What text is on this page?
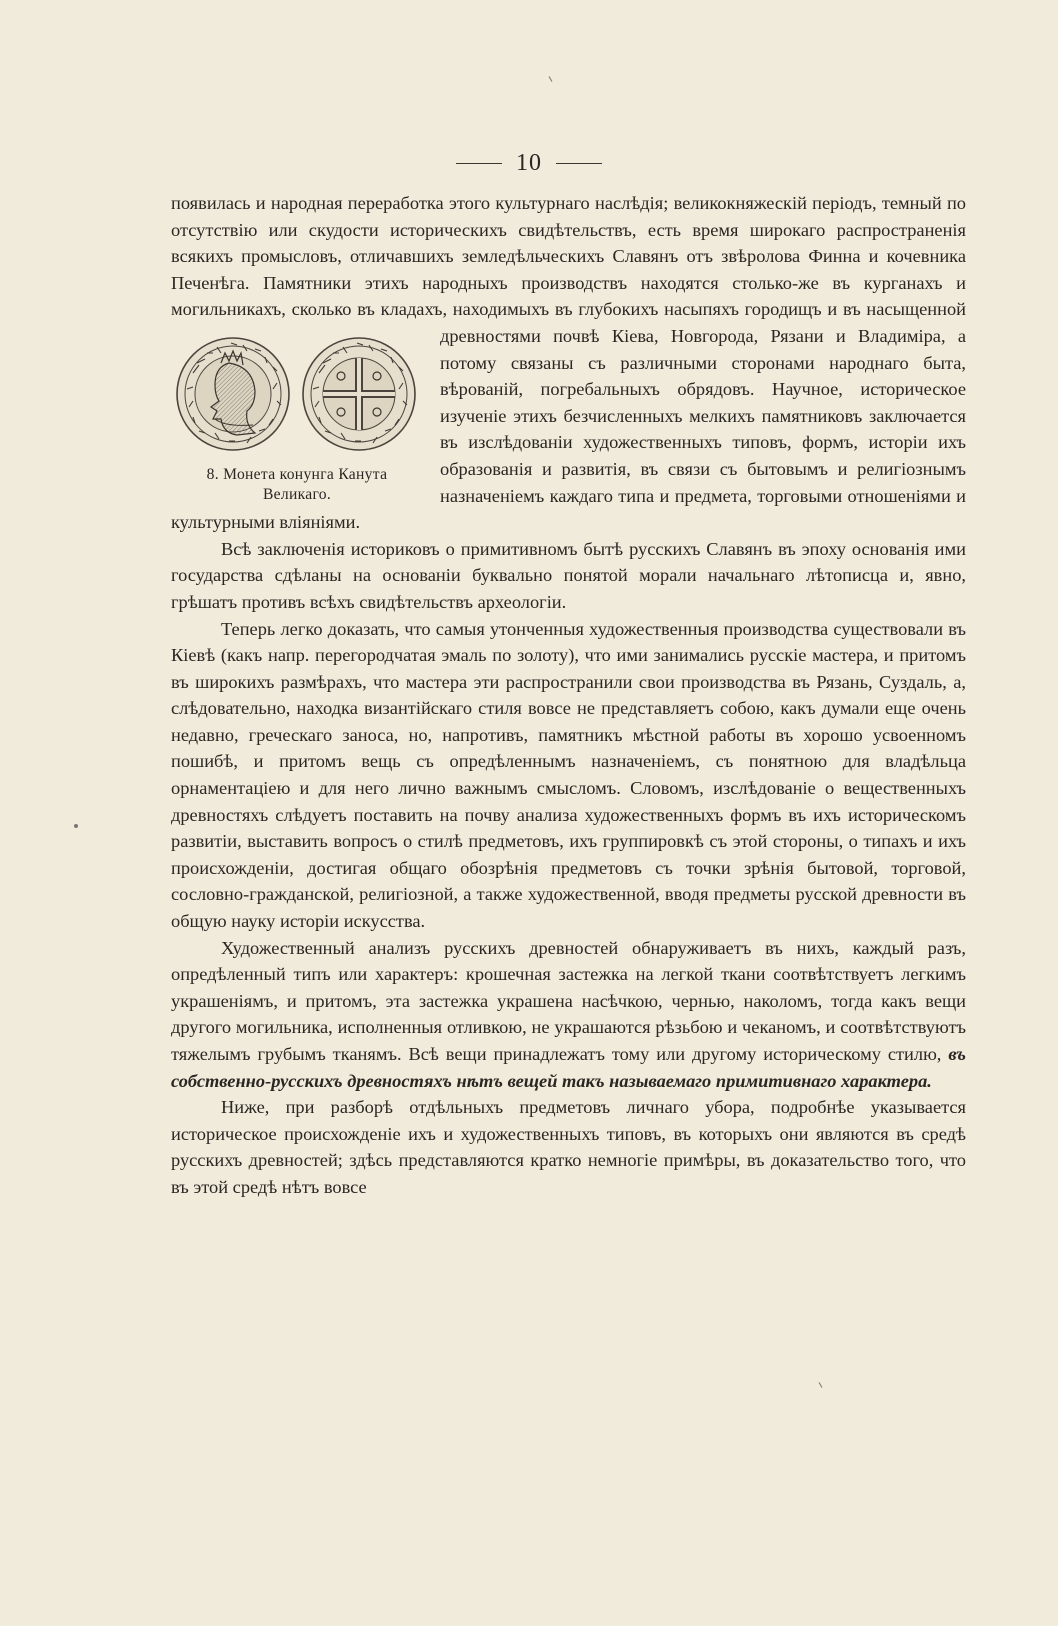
10

появилась и народная переработка этого культурнаго наслѣдія; великокняжескій періодъ, темный по отсутствію или скудости историческихъ свидѣтельствъ, есть время широкаго распространенія всякихъ промысловъ, отличавшихъ земледѣльческихъ Славянъ отъ звѣролова Финна и кочевника Печенѣга. Памятники этихъ народныхъ производствъ находятся столько-же въ курганахъ и могильникахъ, сколько въ кладахъ, находимыхъ въ глубокихъ насыпяхъ городищъ и въ насыщенной древностями почвѣ Кіева, Новгорода, Рязани и Владиміра, а
8. Монета конунга Канута
Великаго.
потому связаны съ различными сторонами народнаго быта, вѣрованій, погребальныхъ обрядовъ. Научное, историческое изученіе этихъ безчисленныхъ мелкихъ памятниковъ заключается въ изслѣдованіи художественныхъ типовъ, формъ, исторіи ихъ образованія и развитія, въ связи съ бытовымъ и религіознымъ назначеніемъ каждаго типа и предмета, торговыми отношеніями и культурными вліяніями.

Всѣ заключенія историковъ о примитивномъ бытѣ русскихъ Славянъ въ эпоху основанія ими государства сдѣланы на основаніи буквально понятой морали начальнаго лѣтописца и, явно, грѣшатъ противъ всѣхъ свидѣтельствъ археологіи.

Теперь легко доказать, что самыя утонченныя художественныя производства существовали въ Кіевѣ (какъ напр. перегородчатая эмаль по золоту), что ими занимались русскіе мастера, и притомъ въ широкихъ размѣрахъ, что мастера эти распространили свои производства въ Рязань, Суздаль, а, слѣдовательно, находка византійскаго стиля вовсе не представляетъ собою, какъ думали еще очень недавно, греческаго заноса, но, напротивъ, памятникъ мѣстной работы въ хорошо усвоенномъ пошибѣ, и притомъ вещь съ опредѣленнымъ назначеніемъ, съ понятною для владѣльца орнаментаціею и для него лично важнымъ смысломъ. Словомъ, изслѣдованіе о вещественныхъ древностяхъ слѣдуетъ поставить на почву анализа художественныхъ формъ въ ихъ историческомъ развитіи, выставить вопросъ о стилѣ предметовъ, ихъ группировкѣ съ этой стороны, о типахъ и ихъ происхожденіи, достигая общаго обозрѣнія предметовъ съ точки зрѣнія бытовой, торговой, сословно-гражданской, религіозной, а также художественной, вводя предметы русской древности въ общую науку исторіи искусства.

Художественный анализъ русскихъ древностей обнаруживаетъ въ нихъ, каждый разъ, опредѣленный типъ или характеръ: крошечная застежка на легкой ткани соотвѣтствуетъ легкимъ украшеніямъ, и притомъ, эта застежка украшена насѣчкою, чернью, наколомъ, тогда какъ вещи другого могильника, исполненныя отливкою, не украшаются рѣзьбою и чеканомъ, и соотвѣтствуютъ тяжелымъ грубымъ тканямъ. Всѣ вещи принадлежатъ тому или другому историческому стилю, въ собственно-русскихъ древностяхъ нѣтъ вещей такъ называемаго примитивнаго характера.

Ниже, при разборѣ отдѣльныхъ предметовъ личнаго убора, подробнѣе указывается историческое происхожденіе ихъ и художественныхъ типовъ, въ которыхъ они являются въ средѣ русскихъ древностей; здѣсь представляются кратко немногіе примѣры, въ доказательство того, что въ этой средѣ нѣтъ вовсе
